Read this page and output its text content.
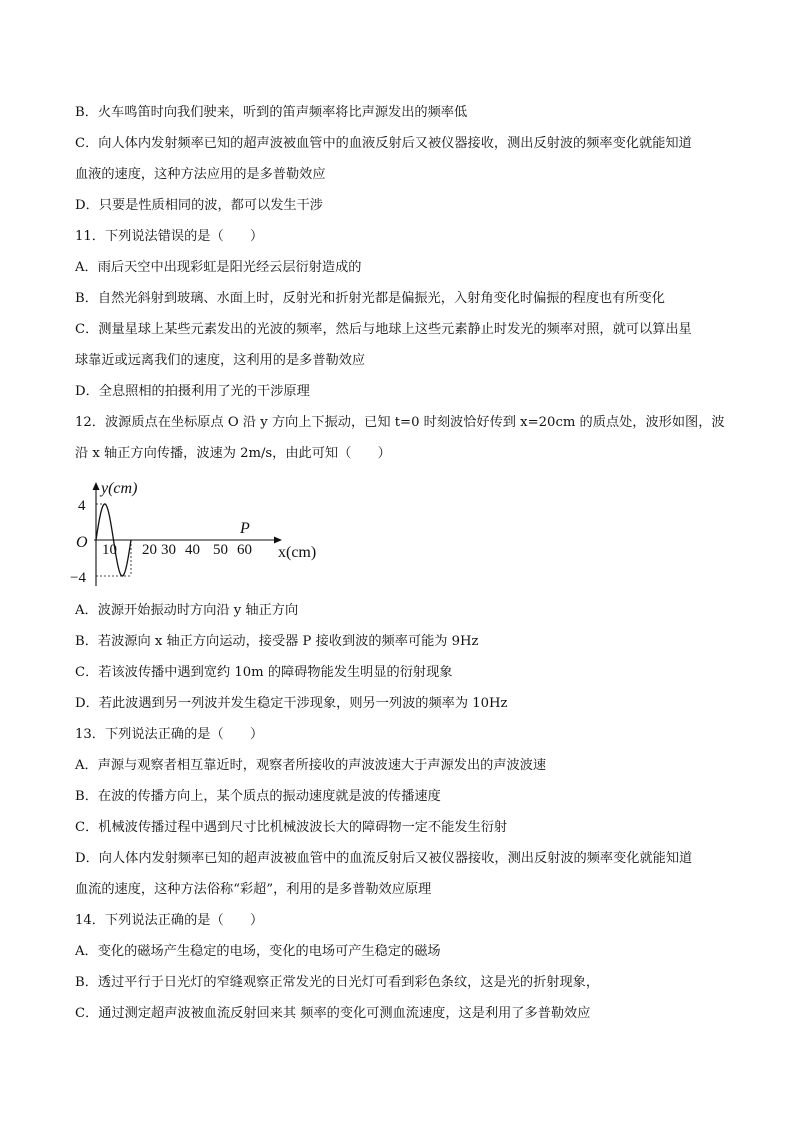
B．火车鸣笛时向我们驶来，听到的笛声频率将比声源发出的频率低
C．向人体内发射频率已知的超声波被血管中的血液反射后又被仪器接收，测出反射波的频率变化就能知道
血液的速度，这种方法应用的是多普勒效应
D．只要是性质相同的波，都可以发生干涉
11．下列说法错误的是（　　）
A．雨后天空中出现彩虹是阳光经云层衍射造成的
B．自然光斜射到玻璃、水面上时，反射光和折射光都是偏振光，入射角变化时偏振的程度也有所变化
C．测量星球上某些元素发出的光波的频率，然后与地球上这些元素静止时发光的频率对照，就可以算出星
球靠近或远离我们的速度，这利用的是多普勒效应
D．全息照相的拍摄利用了光的干涉原理
12．波源质点在坐标原点 O 沿 y 方向上下振动，已知 t=0 时刻波恰好传到 x=20cm 的质点处，波形如图，波
沿 x 轴正方向传播，波速为 2m/s，由此可知（　　）
y(cm)
x(cm)
O
4
−4
10 20 30 40 50 60
P
A．波源开始振动时方向沿 y 轴正方向
B．若波源向 x 轴正方向运动，接受器 P 接收到波的频率可能为 9Hz
C．若该波传播中遇到宽约 10m 的障碍物能发生明显的衍射现象
D．若此波遇到另一列波并发生稳定干涉现象，则另一列波的频率为 10Hz
13．下列说法正确的是（　　）
A．声源与观察者相互靠近时，观察者所接收的声波波速大于声源发出的声波波速
B．在波的传播方向上，某个质点的振动速度就是波的传播速度
C．机械波传播过程中遇到尺寸比机械波波长大的障碍物一定不能发生衍射
D．向人体内发射频率已知的超声波被血管中的血流反射后又被仪器接收，测出反射波的频率变化就能知道
血流的速度，这种方法俗称“彩超”，利用的是多普勒效应原理
14．下列说法正确的是（　　）
A．变化的磁场产生稳定的电场，变化的电场可产生稳定的磁场
B．透过平行于日光灯的窄缝观察正常发光的日光灯可看到彩色条纹，这是光的折射现象，
C．通过测定超声波被血流反射回来其 频率的变化可测血流速度，这是利用了多普勒效应
